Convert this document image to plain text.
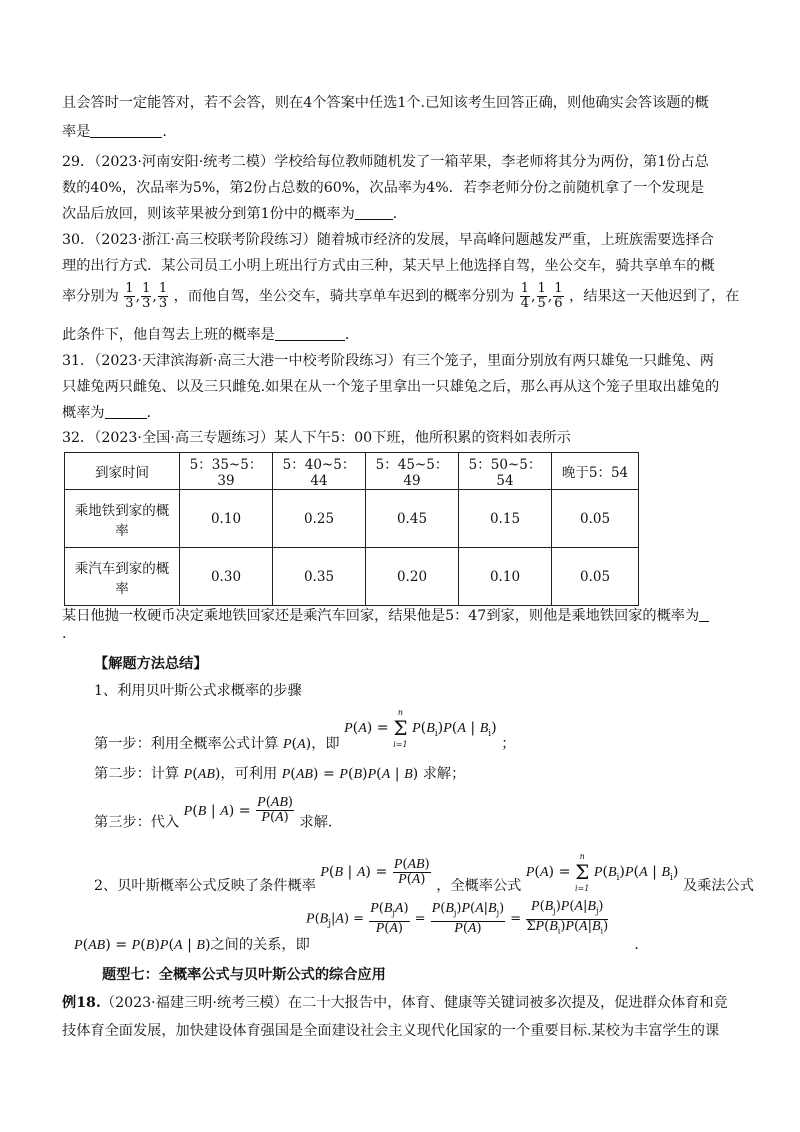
且会答时一定能答对，若不会答，则在4个答案中任选1个.已知该考生回答正确，则他确实会答该题的概
率是	.
29．（2023·河南安阳·统考二模）学校给每位教师随机发了一箱苹果，李老师将其分为两份，第1份占总
数的40%，次品率为5%，第2份占总数的60%，次品率为4%．若李老师分份之前随机拿了一个发现是
次品后放回，则该苹果被分到第1份中的概率为	.
30．（2023·浙江·高三校联考阶段练习）随着城市经济的发展，早高峰问题越发严重，上班族需要选择合
理的出行方式．某公司员工小明上班出行方式由三种，某天早上他选择自驾，坐公交车，骑共享单车的概
率分别为 $\frac{1}{3}$ , $\frac{1}{3}$ , $\frac{1}{3}$ ，而他自驾，坐公交车，骑共享单车迟到的概率分别为 $\frac{1}{4}$ , $\frac{1}{5}$ , $\frac{1}{6}$ ，结果这一天他迟到了，在
此条件下，他自驾去上班的概率是	.
31．（2023·天津滨海新·高三大港一中校考阶段练习）有三个笼子，里面分别放有两只雄兔一只雌兔、两
只雄兔两只雌兔、以及三只雌兔.如果在从一个笼子里拿出一只雄兔之后，那么再从这个笼子里取出雄兔的
概率为	.
32．（2023·全国·高三专题练习）某人下午5：00下班，他所积累的资料如表所示
到家时间	5：35~5：39	5：40~5：44	5：45~5：49	5：50~5：54	晚于5：54
乘地铁到家的概
率	0.10	0.25	0.45	0.15	0.05
乘汽车到家的概
率	0.30	0.35	0.20	0.10	0.05
某日他抛一枚硬币决定乘地铁回家还是乘汽车回家，结果他是5：47到家，则他是乘地铁回家的概率为
.
【解题方法总结】
1、利用贝叶斯公式求概率的步骤
第一步：利用全概率公式计算 P(A)，即 P(A) = n
Σ
i=1 $P(B_i)P(A$ | $B_i$) ；
第二步：计算 P(AB)，可利用 P(AB) = P(B)P(A | B) 求解；
第三步：代入 P(B | $A) = \frac{P(AB)}{P(A)}$ 求解.
2、贝叶斯概率公式反映了条件概率 P(B | $A) = \frac{P(AB)}{P(A)}$ ，全概率公式 P(A) = n
Σ
i=1 $P(B_i)P(A$ | $B_i$) 及乘法公式
$P(B_j|A) = \frac{P(B_jA)}{P(A)} = \frac{P(B_j)P(A|B_j)}{P(A)} = \frac{P(B_j)P(A|B_j)}{\Sigma P(B_i)P(A|B_i)}$
P(AB) = P(B)P(A | B)之间的关系，即	.
题型七：全概率公式与贝叶斯公式的综合应用
例18.（2023·福建三明·统考三模）在二十大报告中，体育、健康等关键词被多次提及，促进群众体育和竞
技体育全面发展，加快建设体育强国是全面建设社会主义现代化国家的一个重要目标.某校为丰富学生的课
